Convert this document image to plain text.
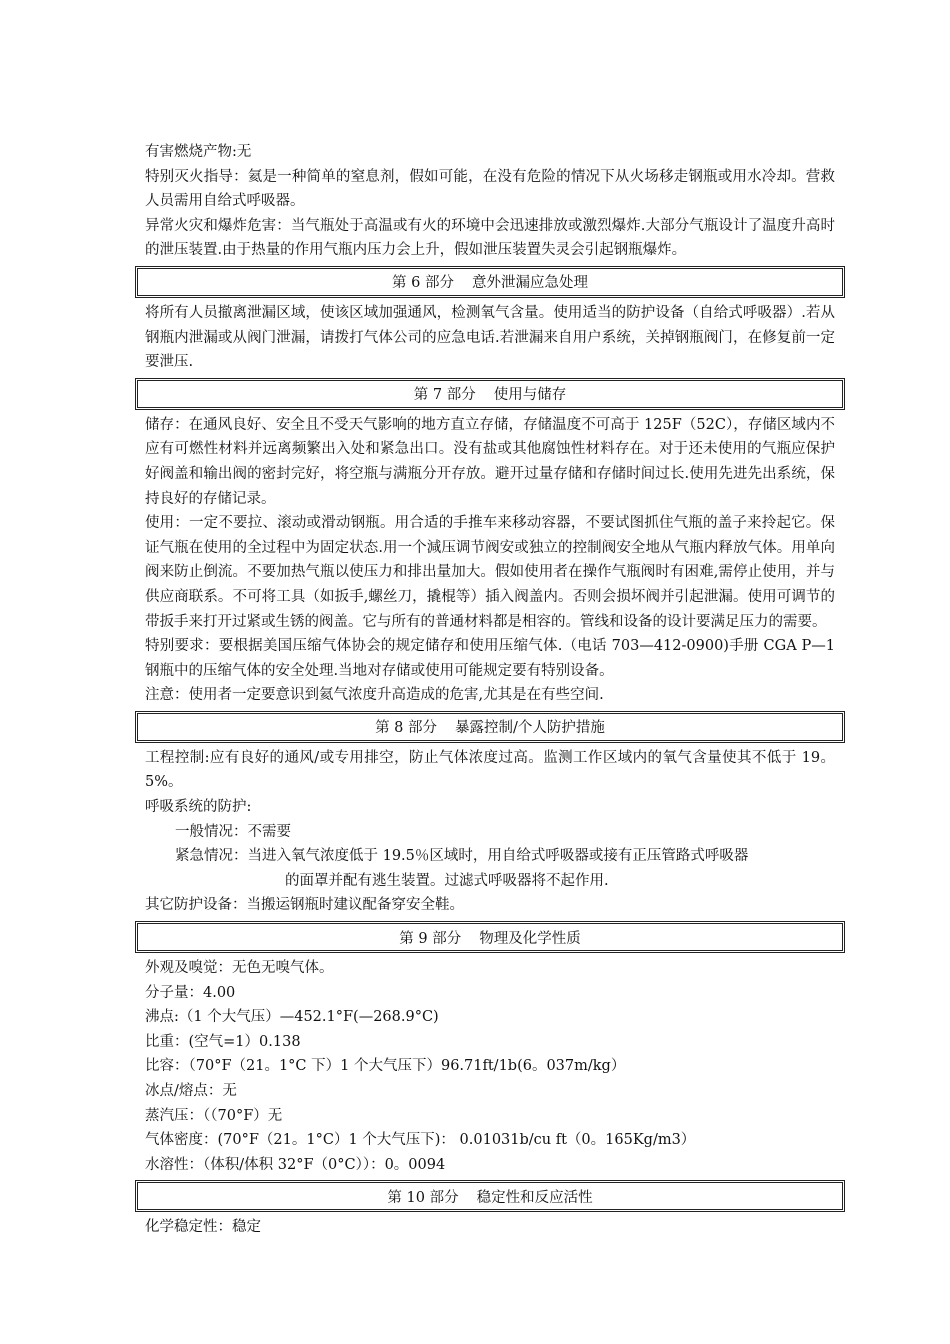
有害燃烧产物:无

特别灭火指导：氦是一种简单的窒息剂，假如可能，在没有危险的情况下从火场移走钢瓶或用水冷却。营救人员需用自给式呼吸器。

异常火灾和爆炸危害：当气瓶处于高温或有火的环境中会迅速排放或激烈爆炸.大部分气瓶设计了温度升高时的泄压装置.由于热量的作用气瓶内压力会上升，假如泄压装置失灵会引起钢瓶爆炸。

第 6 部分 意外泄漏应急处理

将所有人员撤离泄漏区域，使该区域加强通风，检测氧气含量。使用适当的防护设备（自给式呼吸器）.若从钢瓶内泄漏或从阀门泄漏，请拨打气体公司的应急电话.若泄漏来自用户系统，关掉钢瓶阀门，在修复前一定要泄压.

第 7 部分 使用与储存

储存：在通风良好、安全且不受天气影响的地方直立存储，存储温度不可高于 125F（52C），存储区域内不应有可燃性材料并远离频繁出入处和紧急出口。没有盐或其他腐蚀性材料存在。对于还未使用的气瓶应保护好阀盖和输出阀的密封完好，将空瓶与满瓶分开存放。避开过量存储和存储时间过长.使用先进先出系统，保持良好的存储记录。

使用：一定不要拉、滚动或滑动钢瓶。用合适的手推车来移动容器，不要试图抓住气瓶的盖子来拎起它。保证气瓶在使用的全过程中为固定状态.用一个減压调节阀安或独立的控制阀安全地从气瓶内释放气体。用单向阀来防止倒流。不要加热气瓶以使压力和排出量加大。假如使用者在操作气瓶阀时有困难,需停止使用，并与供应商联系。不可将工具（如扳手,螺丝刀，撬棍等）插入阀盖内。否则会损坏阀并引起泄漏。使用可调节的带扳手来打开过紧或生锈的阀盖。它与所有的普通材料都是相容的。管线和设备的设计要满足压力的需要。

特别要求：要根据美国压缩气体协会的规定储存和使用压缩气体.（电话 703—412-0900)手册 CGA P—1 钢瓶中的压缩气体的安全处理.当地对存储或使用可能规定要有特别设备。

注意：使用者一定要意识到氦气浓度升高造成的危害,尤其是在有些空间.

第 8 部分 暴露控制/个人防护措施

工程控制:应有良好的通风/或专用排空，防止气体浓度过高。监测工作区域内的氧气含量使其不低于 19。5%。

呼吸系统的防护:

一般情况：不需要

紧急情况：当进入氧气浓度低于 19.5％区域时，用自给式呼吸器或接有正压管路式呼吸器

的面罩并配有逃生装置。过滤式呼吸器将不起作用.

其它防护设备：当搬运钢瓶时建议配备穿安全鞋。

第 9 部分 物理及化学性质

外观及嗅觉：无色无嗅气体。

分子量：4.00

沸点:（1 个大气压）—452.1°F(—268.9°C)

比重：(空气=1）0.138

比容：（70°F（21。1°C 下）1 个大气压下）96.71ft/1b(6。037m/kg）

冰点/熔点：无

蒸汽压：（（70°F）无

气体密度：(70°F（21。1°C）1 个大气压下)： 0.01031b/cu ft（0。165Kg/m3）

水溶性：（体积/体积 32°F（0°C））：0。0094

第 10 部分 稳定性和反应活性

化学稳定性：稳定
